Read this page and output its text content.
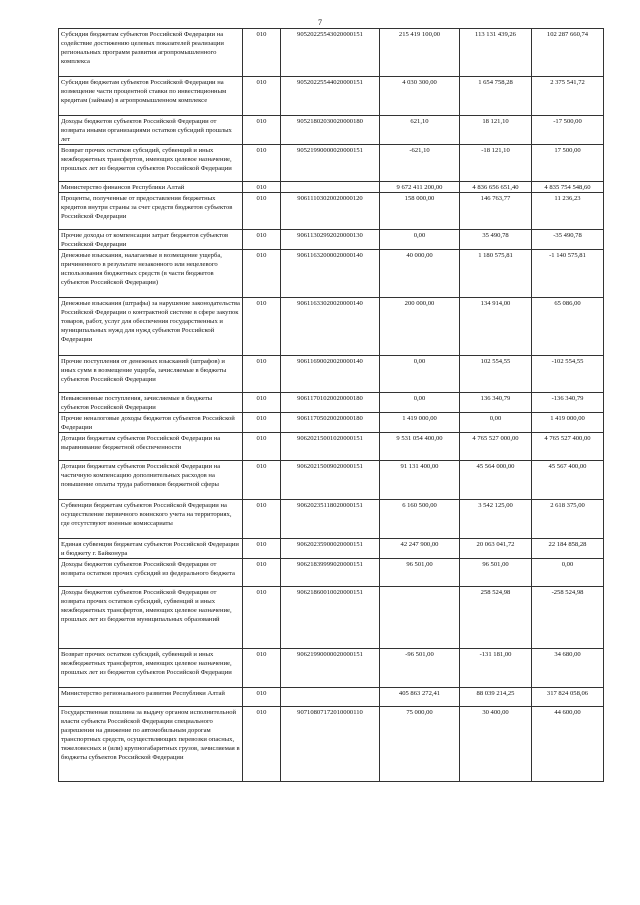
7
Субсидия бюджетам субъектов Российской Федерации на содействие достижению целевых показателей реализации региональных программ развития агропромышленного комплекса	010	90520225543020000151	215 419 100,00	113 131 439,26	102 287 660,74
Субсидии бюджетам субъектов Российской Федерации на возмещение части процентной ставки по инвестиционным кредитам (займам) в агропромышленном комплексе	010	90520225544020000151	4 030 300,00	1 654 758,28	2 375 541,72
Доходы бюджетов субъектов Российской Федерации от возврата иными организациями остатков субсидий прошлых лет	010	90521802030020000180	621,10	18 121,10	-17 500,00
Возврат прочих остатков субсидий, субвенций и иных межбюджетных трансфертов, имеющих целевое назначение, прошлых лет из бюджетов субъектов Российской Федерации	010	90521990000020000151	-621,10	-18 121,10	17 500,00
Министерство финансов Республики Алтай	010		9 672 411 200,00	4 836 656 651,40	4 835 754 548,60
Проценты, полученные от предоставления бюджетных кредитов внутри страны за счет средств бюджетов субъектов Российской Федерации	010	90611103020020000120	158 000,00	146 763,77	11 236,23
Прочие доходы от компенсации затрат бюджетов субъектов Российской Федерации	010	90611302992020000130	0,00	35 490,78	-35 490,78
Денежные взыскания, налагаемые в возмещение ущерба, причиненного в результате незаконного или нецелевого использования бюджетных средств (в части бюджетов субъектов Российской Федерации)	010	90611632000020000140	40 000,00	1 180 575,81	-1 140 575,81
Денежные взыскания (штрафы) за нарушение законодательства Российской Федерации о контрактной системе в сфере закупок товаров, работ, услуг для обеспечения государственных и муниципальных нужд для нужд субъектов Российской Федерации	010	90611633020020000140	200 000,00	134 914,00	65 086,00
Прочие поступления от денежных взысканий (штрафов) и иных сумм в возмещение ущерба, зачисляемые в бюджеты субъектов Российской Федерации	010	90611690020020000140	0,00	102 554,55	-102 554,55
Невыясненные поступления, зачисляемые в бюджеты субъектов Российской Федерации	010	90611701020020000180	0,00	136 340,79	-136 340,79
Прочие неналоговые доходы бюджетов субъектов Российской Федерации	010	90611705020020000180	1 419 000,00	0,00	1 419 000,00
Дотации бюджетам субъектов Российской Федерации на выравнивание бюджетной обеспеченности	010	90620215001020000151	9 531 054 400,00	4 765 527 000,00	4 765 527 400,00
Дотации бюджетам субъектов Российской Федерации на частичную компенсацию дополнительных расходов на повышение оплаты труда работников бюджетной сферы	010	90620215009020000151	91 131 400,00	45 564 000,00	45 567 400,00
Субвенции бюджетам субъектов Российской Федерации на осуществление первичного воинского учета на территориях, где отсутствуют военные комиссариаты	010	90620235118020000151	6 160 500,00	3 542 125,00	2 618 375,00
Единая субвенция бюджетам субъектов Российской Федерации и бюджету г. Байконура	010	90620235900020000151	42 247 900,00	20 063 041,72	22 184 858,28
Доходы бюджетов субъектов Российской Федерации от возврата остатков прочих субсидий из федерального бюджета	010	90621839999020000151	96 501,00	96 501,00	0,00
Доходы бюджетов субъектов Российской Федерации от возврата прочих остатков субсидий, субвенций и иных межбюджетных трансфертов, имеющих целевое назначение, прошлых лет из бюджетов муниципальных образований	010	90621860010020000151		258 524,98	-258 524,98
Возврат прочих остатков субсидий, субвенций и иных межбюджетных трансфертов, имеющих целевое назначение, прошлых лет из бюджетов субъектов Российской Федерации	010	90621990000020000151	-96 501,00	-131 181,00	34 680,00
Министерство регионального развития Республики Алтай	010		405 863 272,41	88 039 214,25	317 824 058,06
Государственная пошлина за выдачу органом исполнительной власти субъекта Российской Федерации специального разрешения на движение по автомобильным дорогам транспортных средств, осуществляющих перевозки опасных, тяжеловесных и (или) крупногабаритных грузов, зачисляемая в бюджеты субъектов Российской Федерации	010	90710807172010000110	75 000,00	30 400,00	44 600,00
